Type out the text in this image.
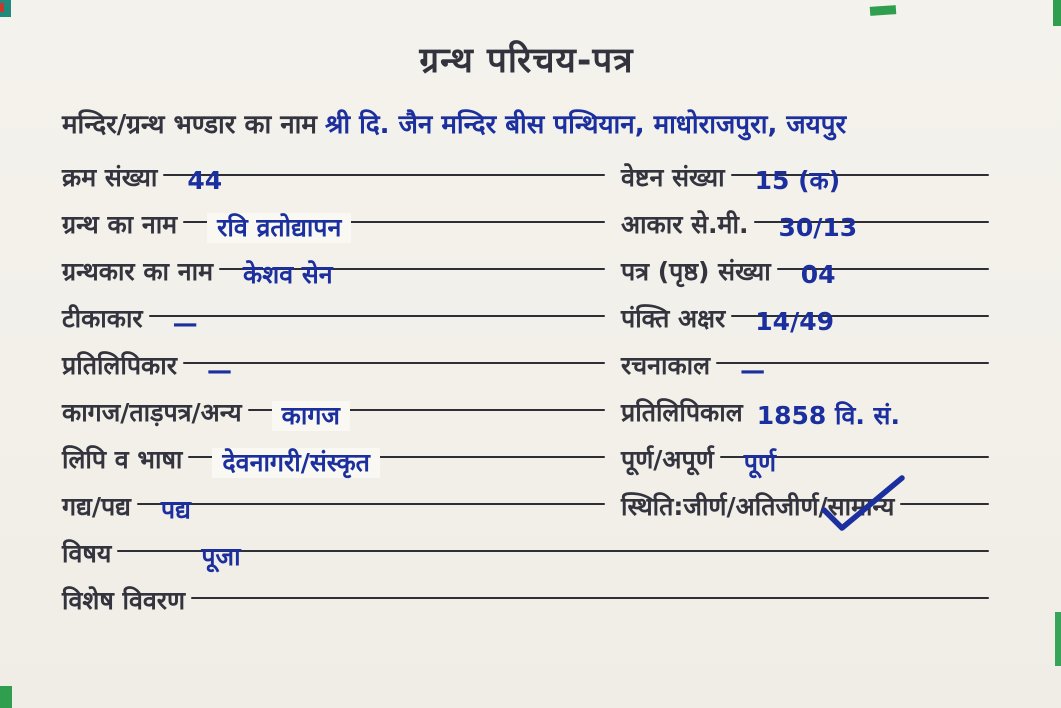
ग्रन्थ परिचय-पत्र
मन्दिर/ग्रन्थ भण्डार का नाम श्री दि. जैन मन्दिर बीस पन्थियान, माधोराजपुरा, जयपुर
क्रम संख्या 44	वेष्टन संख्या 15 (क)
ग्रन्थ का नाम	रवि व्रतोद्यापन	आकार से.मी. 30/13
ग्रन्थकार का नाम केशव सेन	पत्र (पृष्ठ) संख्या 04
टीकाकार —	पंक्ति अक्षर 14/49
प्रतिलिपिकार —	रचनाकाल —
कागज/ताड़पत्र/अन्य	कागज	प्रतिलिपिकाल 1858 वि. सं.
लिपि व भाषा	देवनागरी/संस्कृत	पूर्ण/अपूर्ण पूर्ण
गद्य/पद्य पद्य	स्थिति:जीर्ण/अतिजीर्ण/ सामान्य
विषय	पूजा
विशेष विवरण
